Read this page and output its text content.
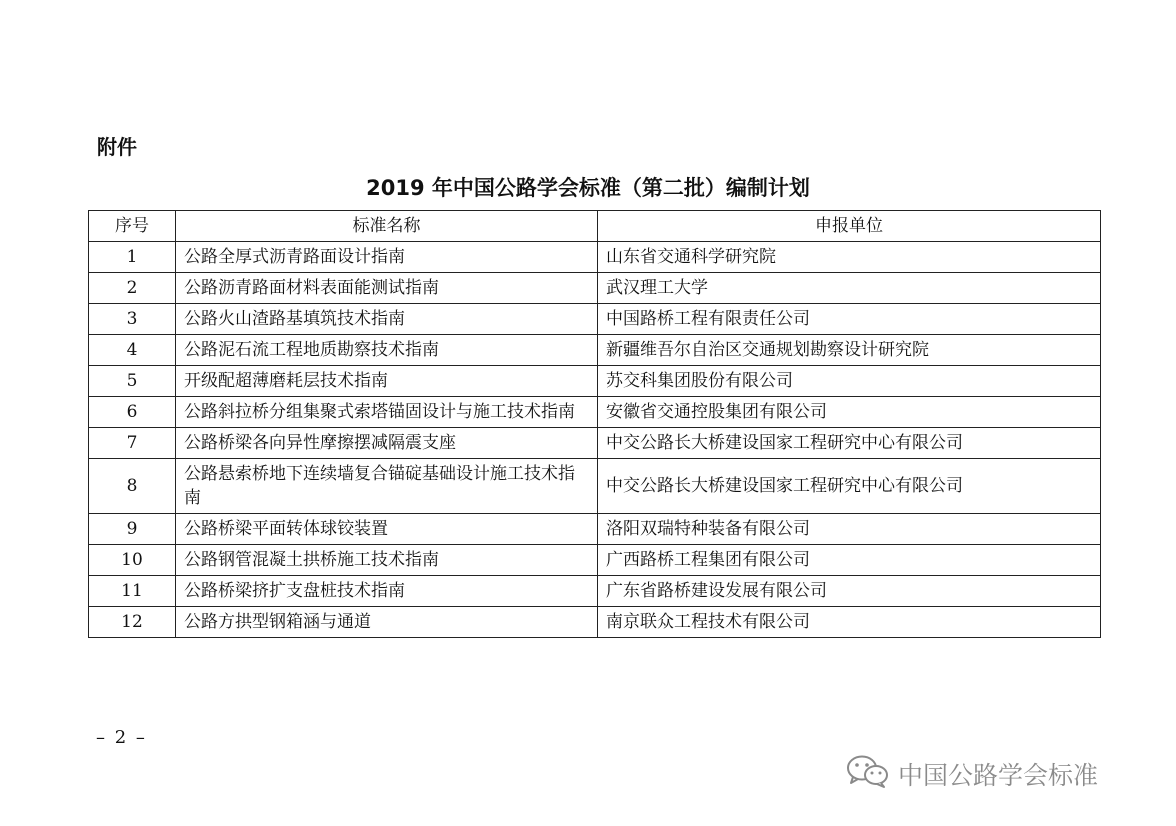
附件
2019 年中国公路学会标准（第二批）编制计划
序号	标准名称	申报单位
1	公路全厚式沥青路面设计指南	山东省交通科学研究院
2	公路沥青路面材料表面能测试指南	武汉理工大学
3	公路火山渣路基填筑技术指南	中国路桥工程有限责任公司
4	公路泥石流工程地质勘察技术指南	新疆维吾尔自治区交通规划勘察设计研究院
5	开级配超薄磨耗层技术指南	苏交科集团股份有限公司
6	公路斜拉桥分组集聚式索塔锚固设计与施工技术指南	安徽省交通控股集团有限公司
7	公路桥梁各向异性摩擦摆减隔震支座	中交公路长大桥建设国家工程研究中心有限公司
8	公路悬索桥地下连续墙复合锚碇基础设计施工技术指南	中交公路长大桥建设国家工程研究中心有限公司
9	公路桥梁平面转体球铰装置	洛阳双瑞特种装备有限公司
10	公路钢管混凝土拱桥施工技术指南	广西路桥工程集团有限公司
11	公路桥梁挤扩支盘桩技术指南	广东省路桥建设发展有限公司
12	公路方拱型钢箱涵与通道	南京联众工程技术有限公司
– 2 –
中国公路学会标准
